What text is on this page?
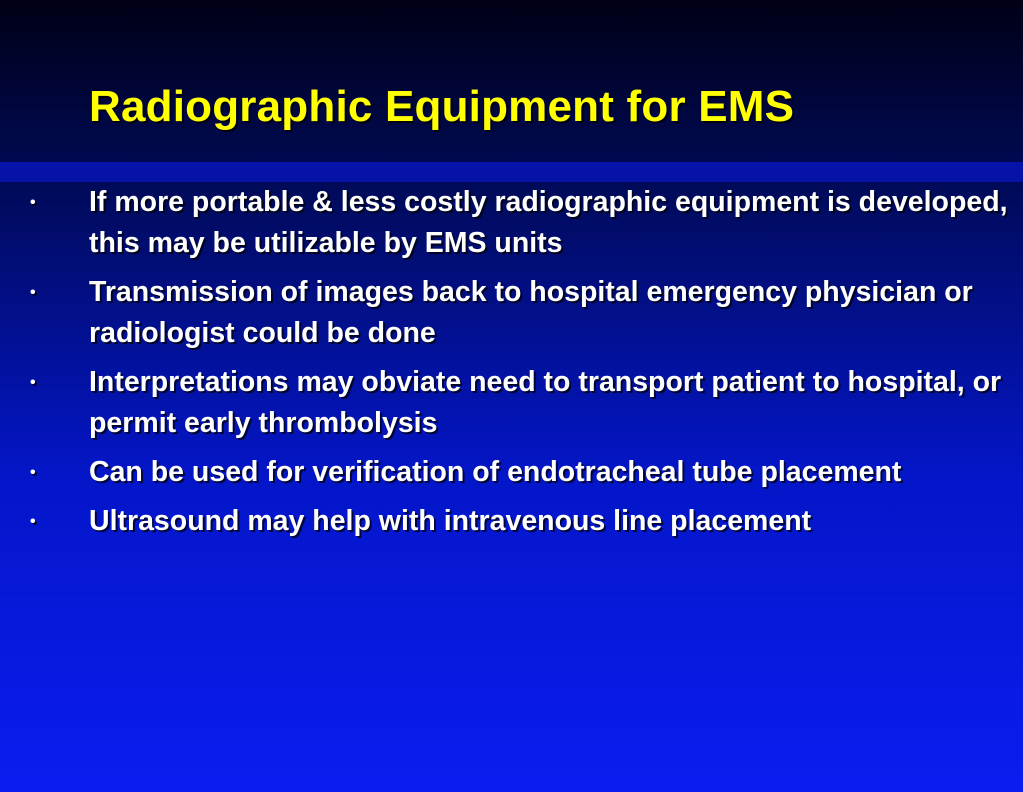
Radiographic Equipment for EMS
• If more portable & less costly radiographic equipment is developed, this may be utilizable by EMS units
• Transmission of images back to hospital emergency physician or radiologist could be done
• Interpretations may obviate need to transport patient to hospital, or permit early thrombolysis
• Can be used for verification of endotracheal tube placement
• Ultrasound may help with intravenous line placement
